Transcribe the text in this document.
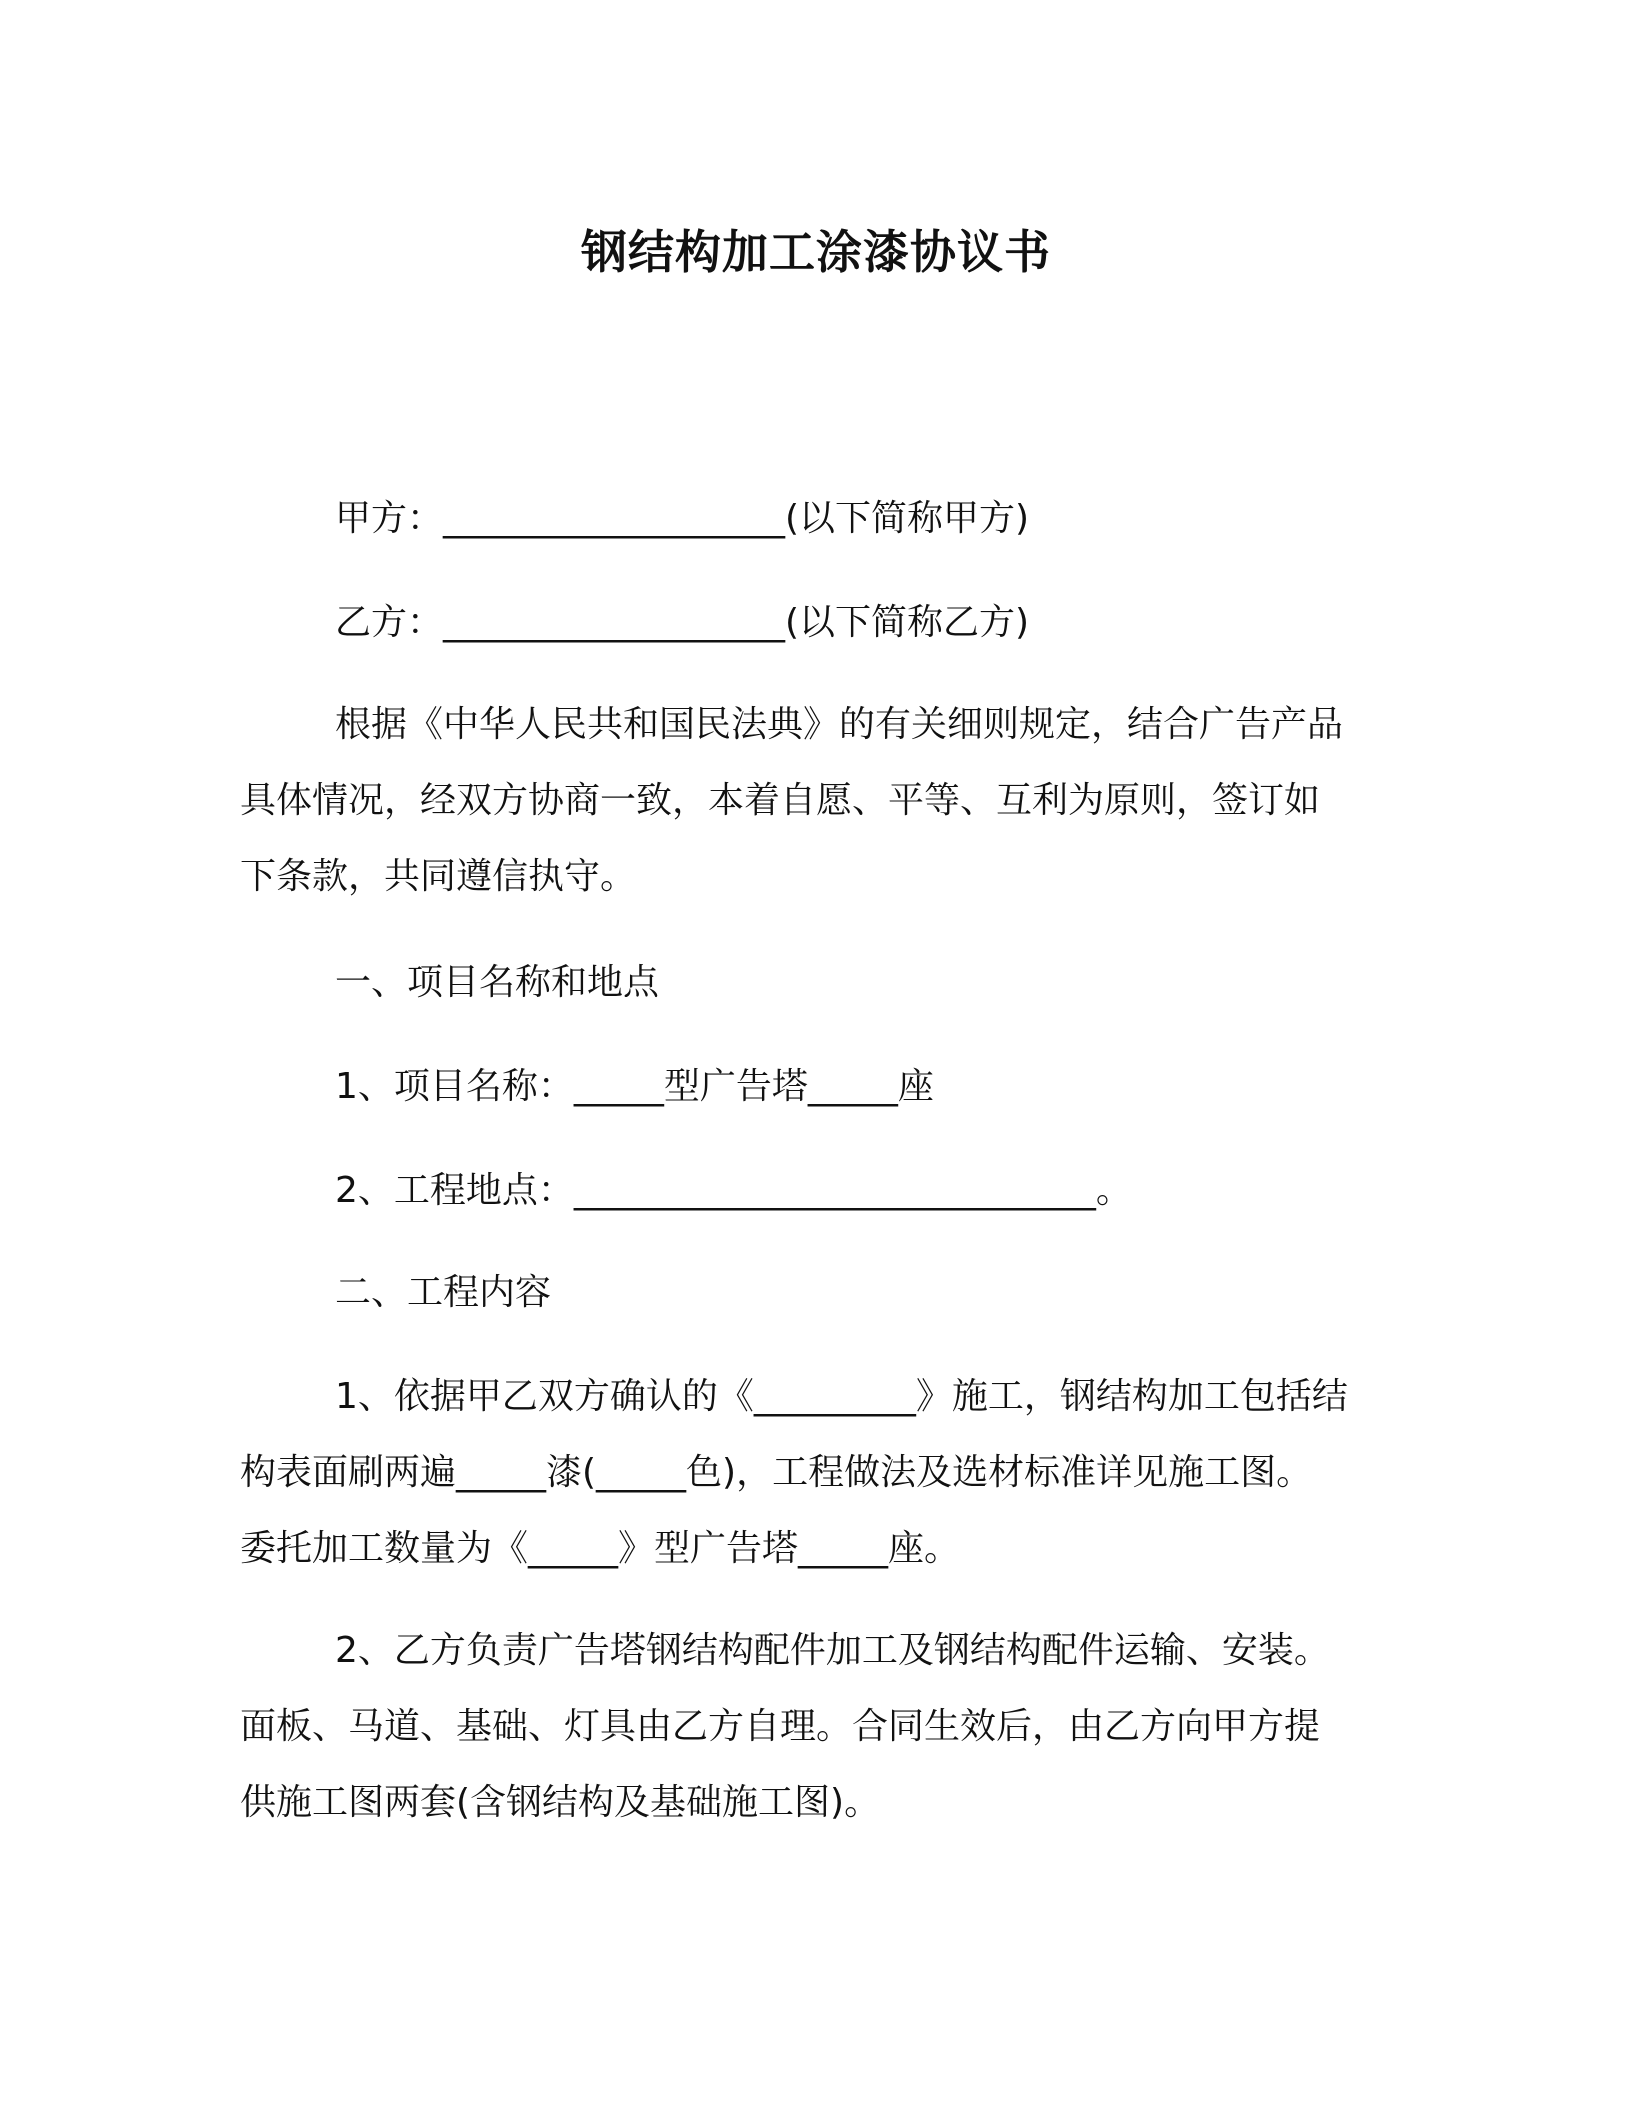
钢结构加工涂漆协议书
甲方：___________________(以下简称甲方)
乙方：___________________(以下简称乙方)
根据《中华人民共和国民法典》的有关细则规定，结合广告产品
具体情况，经双方协商一致，本着自愿、平等、互利为原则，签订如
下条款，共同遵信执守。
一、项目名称和地点
1、项目名称：_____型广告塔_____座
2、工程地点：_____________________________。
二、工程内容
1、依据甲乙双方确认的《_________》施工，钢结构加工包括结
构表面刷两遍_____漆(_____色)，工程做法及选材标准详见施工图。
委托加工数量为《_____》型广告塔_____座。
2、乙方负责广告塔钢结构配件加工及钢结构配件运输、安装。
面板、马道、基础、灯具由乙方自理。合同生效后，由乙方向甲方提
供施工图两套(含钢结构及基础施工图)。
